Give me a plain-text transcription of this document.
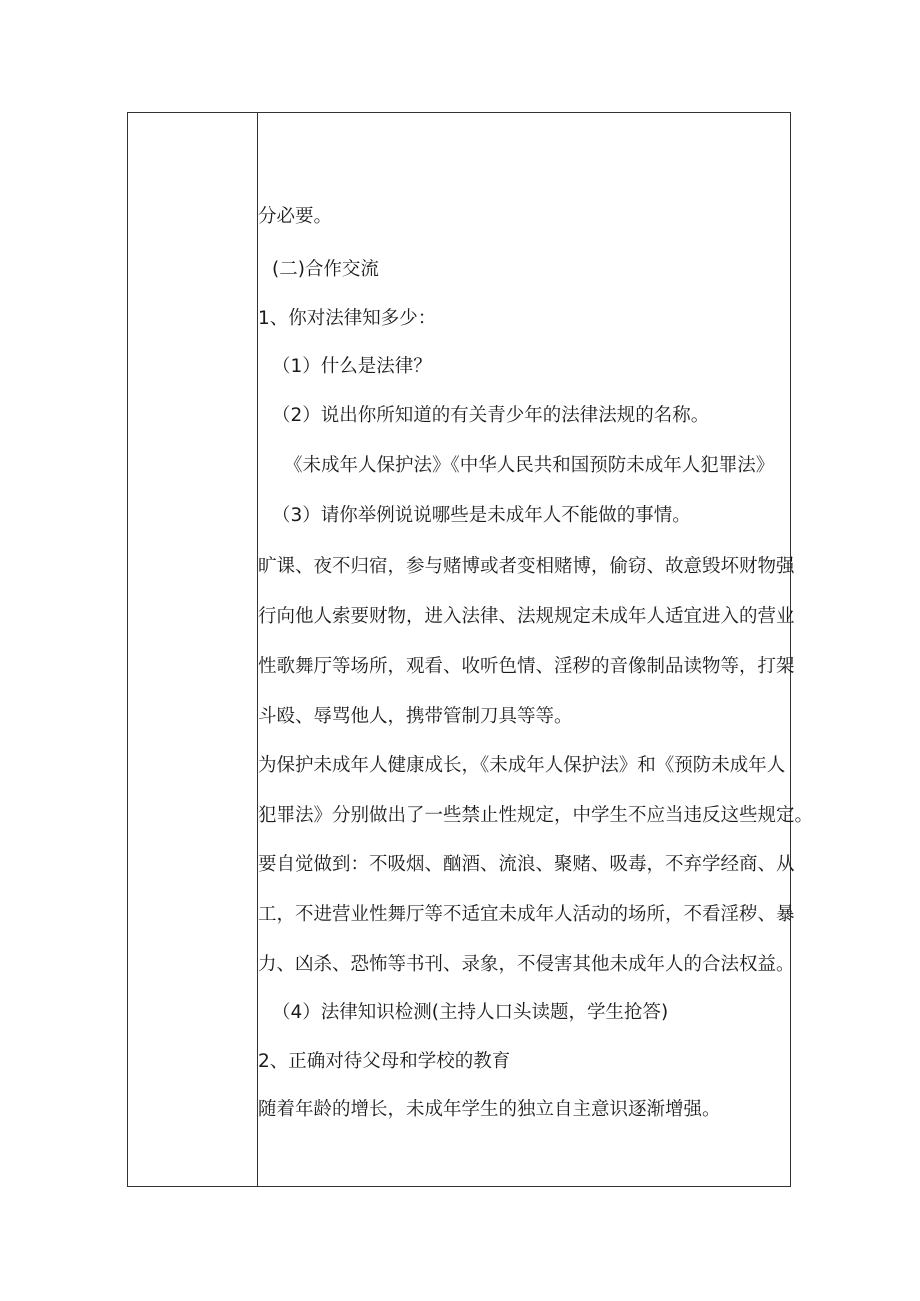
分必要。
(二)合作交流
1、你对法律知多少：
（1）什么是法律？
（2）说出你所知道的有关青少年的法律法规的名称。
《未成年人保护法》《中华人民共和国预防未成年人犯罪法》
（3）请你举例说说哪些是未成年人不能做的事情。
旷课、夜不归宿，参与赌博或者变相赌博，偷窃、故意毁坏财物强
行向他人索要财物，进入法律、法规规定未成年人适宜进入的营业
性歌舞厅等场所，观看、收听色情、淫秽的音像制品读物等，打架
斗殴、辱骂他人，携带管制刀具等等。
为保护未成年人健康成长，《未成年人保护法》和《预防未成年人
犯罪法》分别做出了一些禁止性规定，中学生不应当违反这些规定。
要自觉做到：不吸烟、酗酒、流浪、聚赌、吸毒，不弃学经商、从
工，不进营业性舞厅等不适宜未成年人活动的场所，不看淫秽、暴
力、凶杀、恐怖等书刊、录象，不侵害其他未成年人的合法权益。
（4）法律知识检测(主持人口头读题，学生抢答)
2、正确对待父母和学校的教育
随着年龄的增长，未成年学生的独立自主意识逐渐增强。
